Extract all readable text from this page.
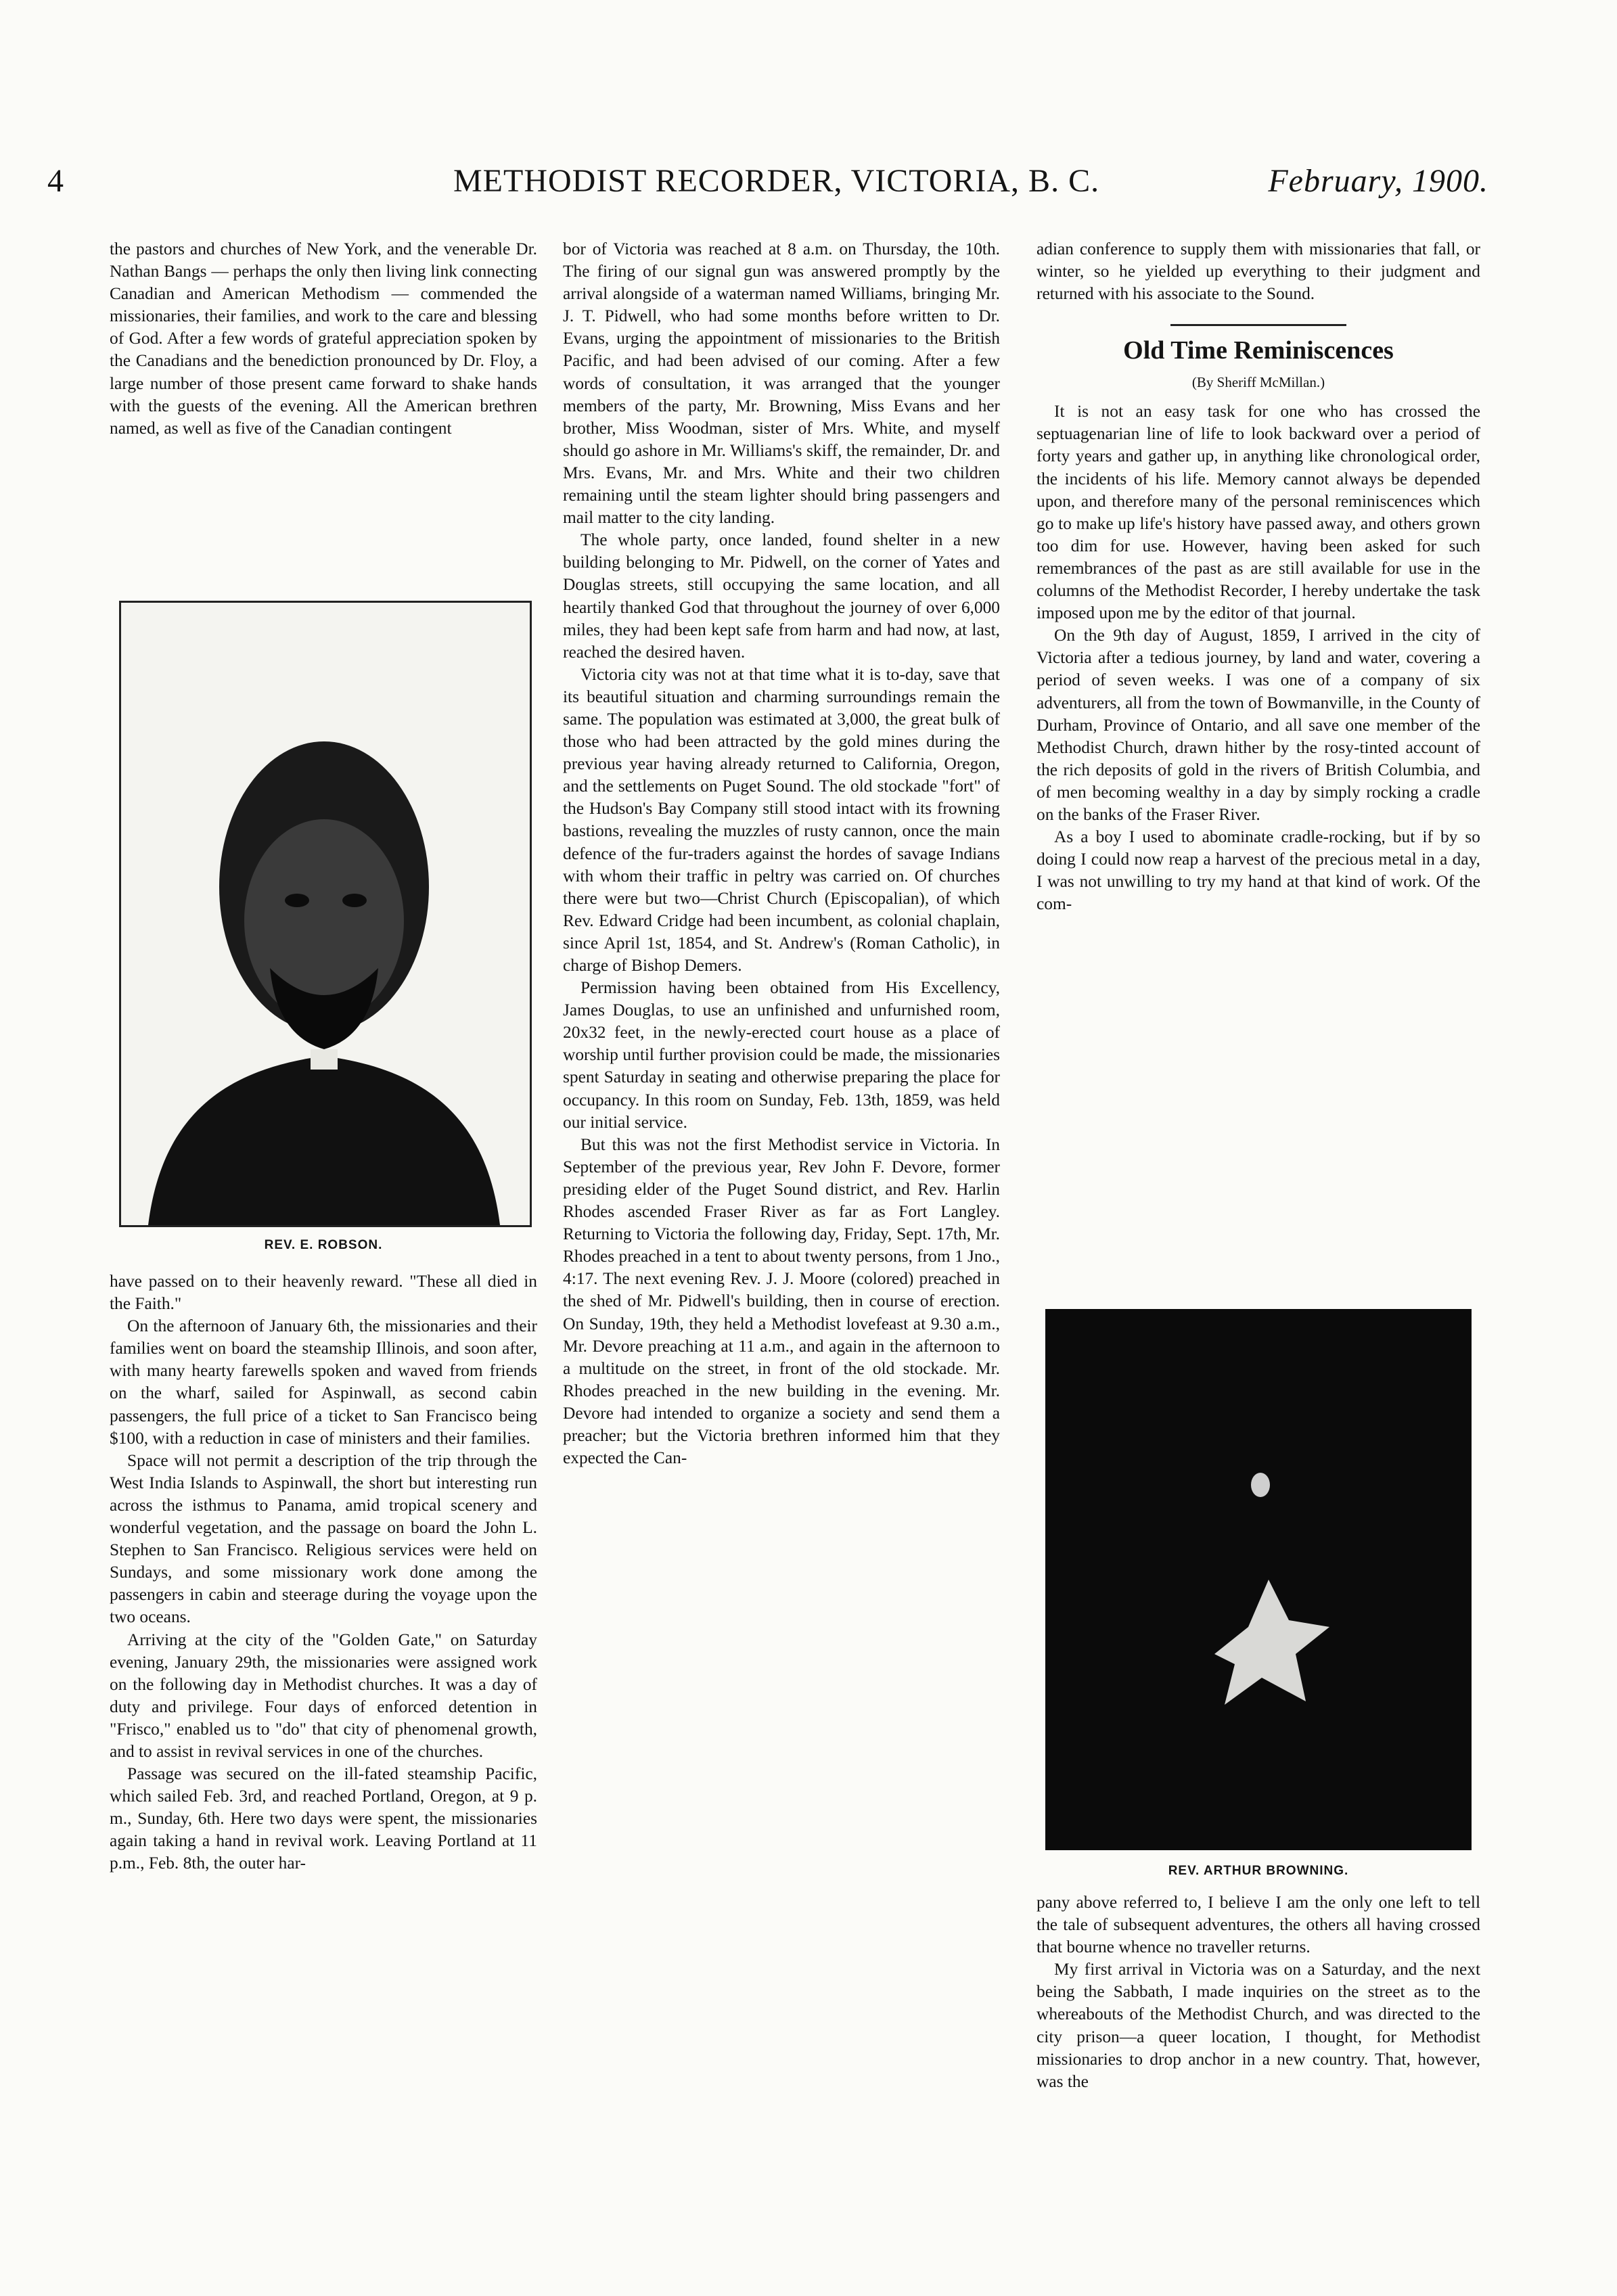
4	METHODIST RECORDER, VICTORIA, B. C.	February, 1900.

the pastors and churches of New York, and the venerable Dr. Nathan Bangs — perhaps the only then living link connecting Canadian and American Methodism — commended the missionaries, their families, and work to the care and blessing of God. After a few words of grateful appreciation spoken by the Canadians and the benediction pronounced by Dr. Floy, a large number of those present came forward to shake hands with the guests of the evening. All the American brethren named, as well as five of the Canadian contingent

REV. E. ROBSON.

have passed on to their heavenly reward. "These all died in the Faith."

On the afternoon of January 6th, the missionaries and their families went on board the steamship Illinois, and soon after, with many hearty farewells spoken and waved from friends on the wharf, sailed for Aspinwall, as second cabin passengers, the full price of a ticket to San Francisco being $100, with a reduction in case of ministers and their families.

Space will not permit a description of the trip through the West India Islands to Aspinwall, the short but interesting run across the isthmus to Panama, amid tropical scenery and wonderful vegetation, and the passage on board the John L. Stephen to San Francisco. Religious services were held on Sundays, and some missionary work done among the passengers in cabin and steerage during the voyage upon the two oceans.

Arriving at the city of the "Golden Gate," on Saturday evening, January 29th, the missionaries were assigned work on the following day in Methodist churches. It was a day of duty and privilege. Four days of enforced detention in "Frisco," enabled us to "do" that city of phenomenal growth, and to assist in revival services in one of the churches.

Passage was secured on the ill-fated steamship Pacific, which sailed Feb. 3rd, and reached Portland, Oregon, at 9 p. m., Sunday, 6th. Here two days were spent, the missionaries again taking a hand in revival work. Leaving Portland at 11 p.m., Feb. 8th, the outer har-

bor of Victoria was reached at 8 a.m. on Thursday, the 10th. The firing of our signal gun was answered promptly by the arrival alongside of a waterman named Williams, bringing Mr. J. T. Pidwell, who had some months before written to Dr. Evans, urging the appointment of missionaries to the British Pacific, and had been advised of our coming. After a few words of consultation, it was arranged that the younger members of the party, Mr. Browning, Miss Evans and her brother, Miss Woodman, sister of Mrs. White, and myself should go ashore in Mr. Williams's skiff, the remainder, Dr. and Mrs. Evans, Mr. and Mrs. White and their two children remaining until the steam lighter should bring passengers and mail matter to the city landing.

The whole party, once landed, found shelter in a new building belonging to Mr. Pidwell, on the corner of Yates and Douglas streets, still occupying the same location, and all heartily thanked God that throughout the journey of over 6,000 miles, they had been kept safe from harm and had now, at last, reached the desired haven.

Victoria city was not at that time what it is to-day, save that its beautiful situation and charming surroundings remain the same. The population was estimated at 3,000, the great bulk of those who had been attracted by the gold mines during the previous year having already returned to California, Oregon, and the settlements on Puget Sound. The old stockade "fort" of the Hudson's Bay Company still stood intact with its frowning bastions, revealing the muzzles of rusty cannon, once the main defence of the fur-traders against the hordes of savage Indians with whom their traffic in peltry was carried on. Of churches there were but two—Christ Church (Episcopalian), of which Rev. Edward Cridge had been incumbent, as colonial chaplain, since April 1st, 1854, and St. Andrew's (Roman Catholic), in charge of Bishop Demers.

Permission having been obtained from His Excellency, James Douglas, to use an unfinished and unfurnished room, 20x32 feet, in the newly-erected court house as a place of worship until further provision could be made, the missionaries spent Saturday in seating and otherwise preparing the place for occupancy. In this room on Sunday, Feb. 13th, 1859, was held our initial service.

But this was not the first Methodist service in Victoria. In September of the previous year, Rev John F. Devore, former presiding elder of the Puget Sound district, and Rev. Harlin Rhodes ascended Fraser River as far as Fort Langley. Returning to Victoria the following day, Friday, Sept. 17th, Mr. Rhodes preached in a tent to about twenty persons, from 1 Jno., 4:17. The next evening Rev. J. J. Moore (colored) preached in the shed of Mr. Pidwell's building, then in course of erection. On Sunday, 19th, they held a Methodist lovefeast at 9.30 a.m., Mr. Devore preaching at 11 a.m., and again in the afternoon to a multitude on the street, in front of the old stockade. Mr. Rhodes preached in the new building in the evening. Mr. Devore had intended to organize a society and send them a preacher; but the Victoria brethren informed him that they expected the Can-

adian conference to supply them with missionaries that fall, or winter, so he yielded up everything to their judgment and returned with his associate to the Sound.

Old Time Reminiscences
(By Sheriff McMillan.)

It is not an easy task for one who has crossed the septuagenarian line of life to look backward over a period of forty years and gather up, in anything like chronological order, the incidents of his life. Memory cannot always be depended upon, and therefore many of the personal reminiscences which go to make up life's history have passed away, and others grown too dim for use. However, having been asked for such remembrances of the past as are still available for use in the columns of the Methodist Recorder, I hereby undertake the task imposed upon me by the editor of that journal.

On the 9th day of August, 1859, I arrived in the city of Victoria after a tedious journey, by land and water, covering a period of seven weeks. I was one of a company of six adventurers, all from the town of Bowmanville, in the County of Durham, Province of Ontario, and all save one member of the Methodist Church, drawn hither by the rosy-tinted account of the rich deposits of gold in the rivers of British Columbia, and of men becoming wealthy in a day by simply rocking a cradle on the banks of the Fraser River.

As a boy I used to abominate cradle-rocking, but if by so doing I could now reap a harvest of the precious metal in a day, I was not unwilling to try my hand at that kind of work. Of the com-

REV. ARTHUR BROWNING.

pany above referred to, I believe I am the only one left to tell the tale of subsequent adventures, the others all having crossed that bourne whence no traveller returns.

My first arrival in Victoria was on a Saturday, and the next being the Sabbath, I made inquiries on the street as to the whereabouts of the Methodist Church, and was directed to the city prison—a queer location, I thought, for Methodist missionaries to drop anchor in a new country. That, however, was the
